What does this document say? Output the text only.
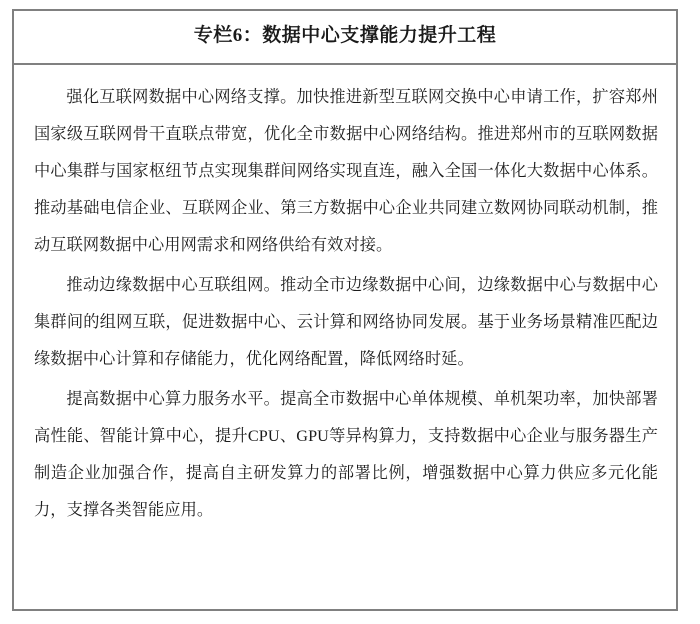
专栏6：数据中心支撑能力提升工程

强化互联网数据中心网络支撑。加快推进新型互联网交换中心申请工作，扩容郑州国家级互联网骨干直联点带宽，优化全市数据中心网络结构。推进郑州市的互联网数据中心集群与国家枢纽节点实现集群间网络实现直连，融入全国一体化大数据中心体系。推动基础电信企业、互联网企业、第三方数据中心企业共同建立数网协同联动机制，推动互联网数据中心用网需求和网络供给有效对接。

推动边缘数据中心互联组网。推动全市边缘数据中心间，边缘数据中心与数据中心集群间的组网互联，促进数据中心、云计算和网络协同发展。基于业务场景精准匹配边缘数据中心计算和存储能力，优化网络配置，降低网络时延。

提高数据中心算力服务水平。提高全市数据中心单体规模、单机架功率，加快部署高性能、智能计算中心，提升CPU、GPU等异构算力，支持数据中心企业与服务器生产制造企业加强合作，提高自主研发算力的部署比例，增强数据中心算力供应多元化能力，支撑各类智能应用。
